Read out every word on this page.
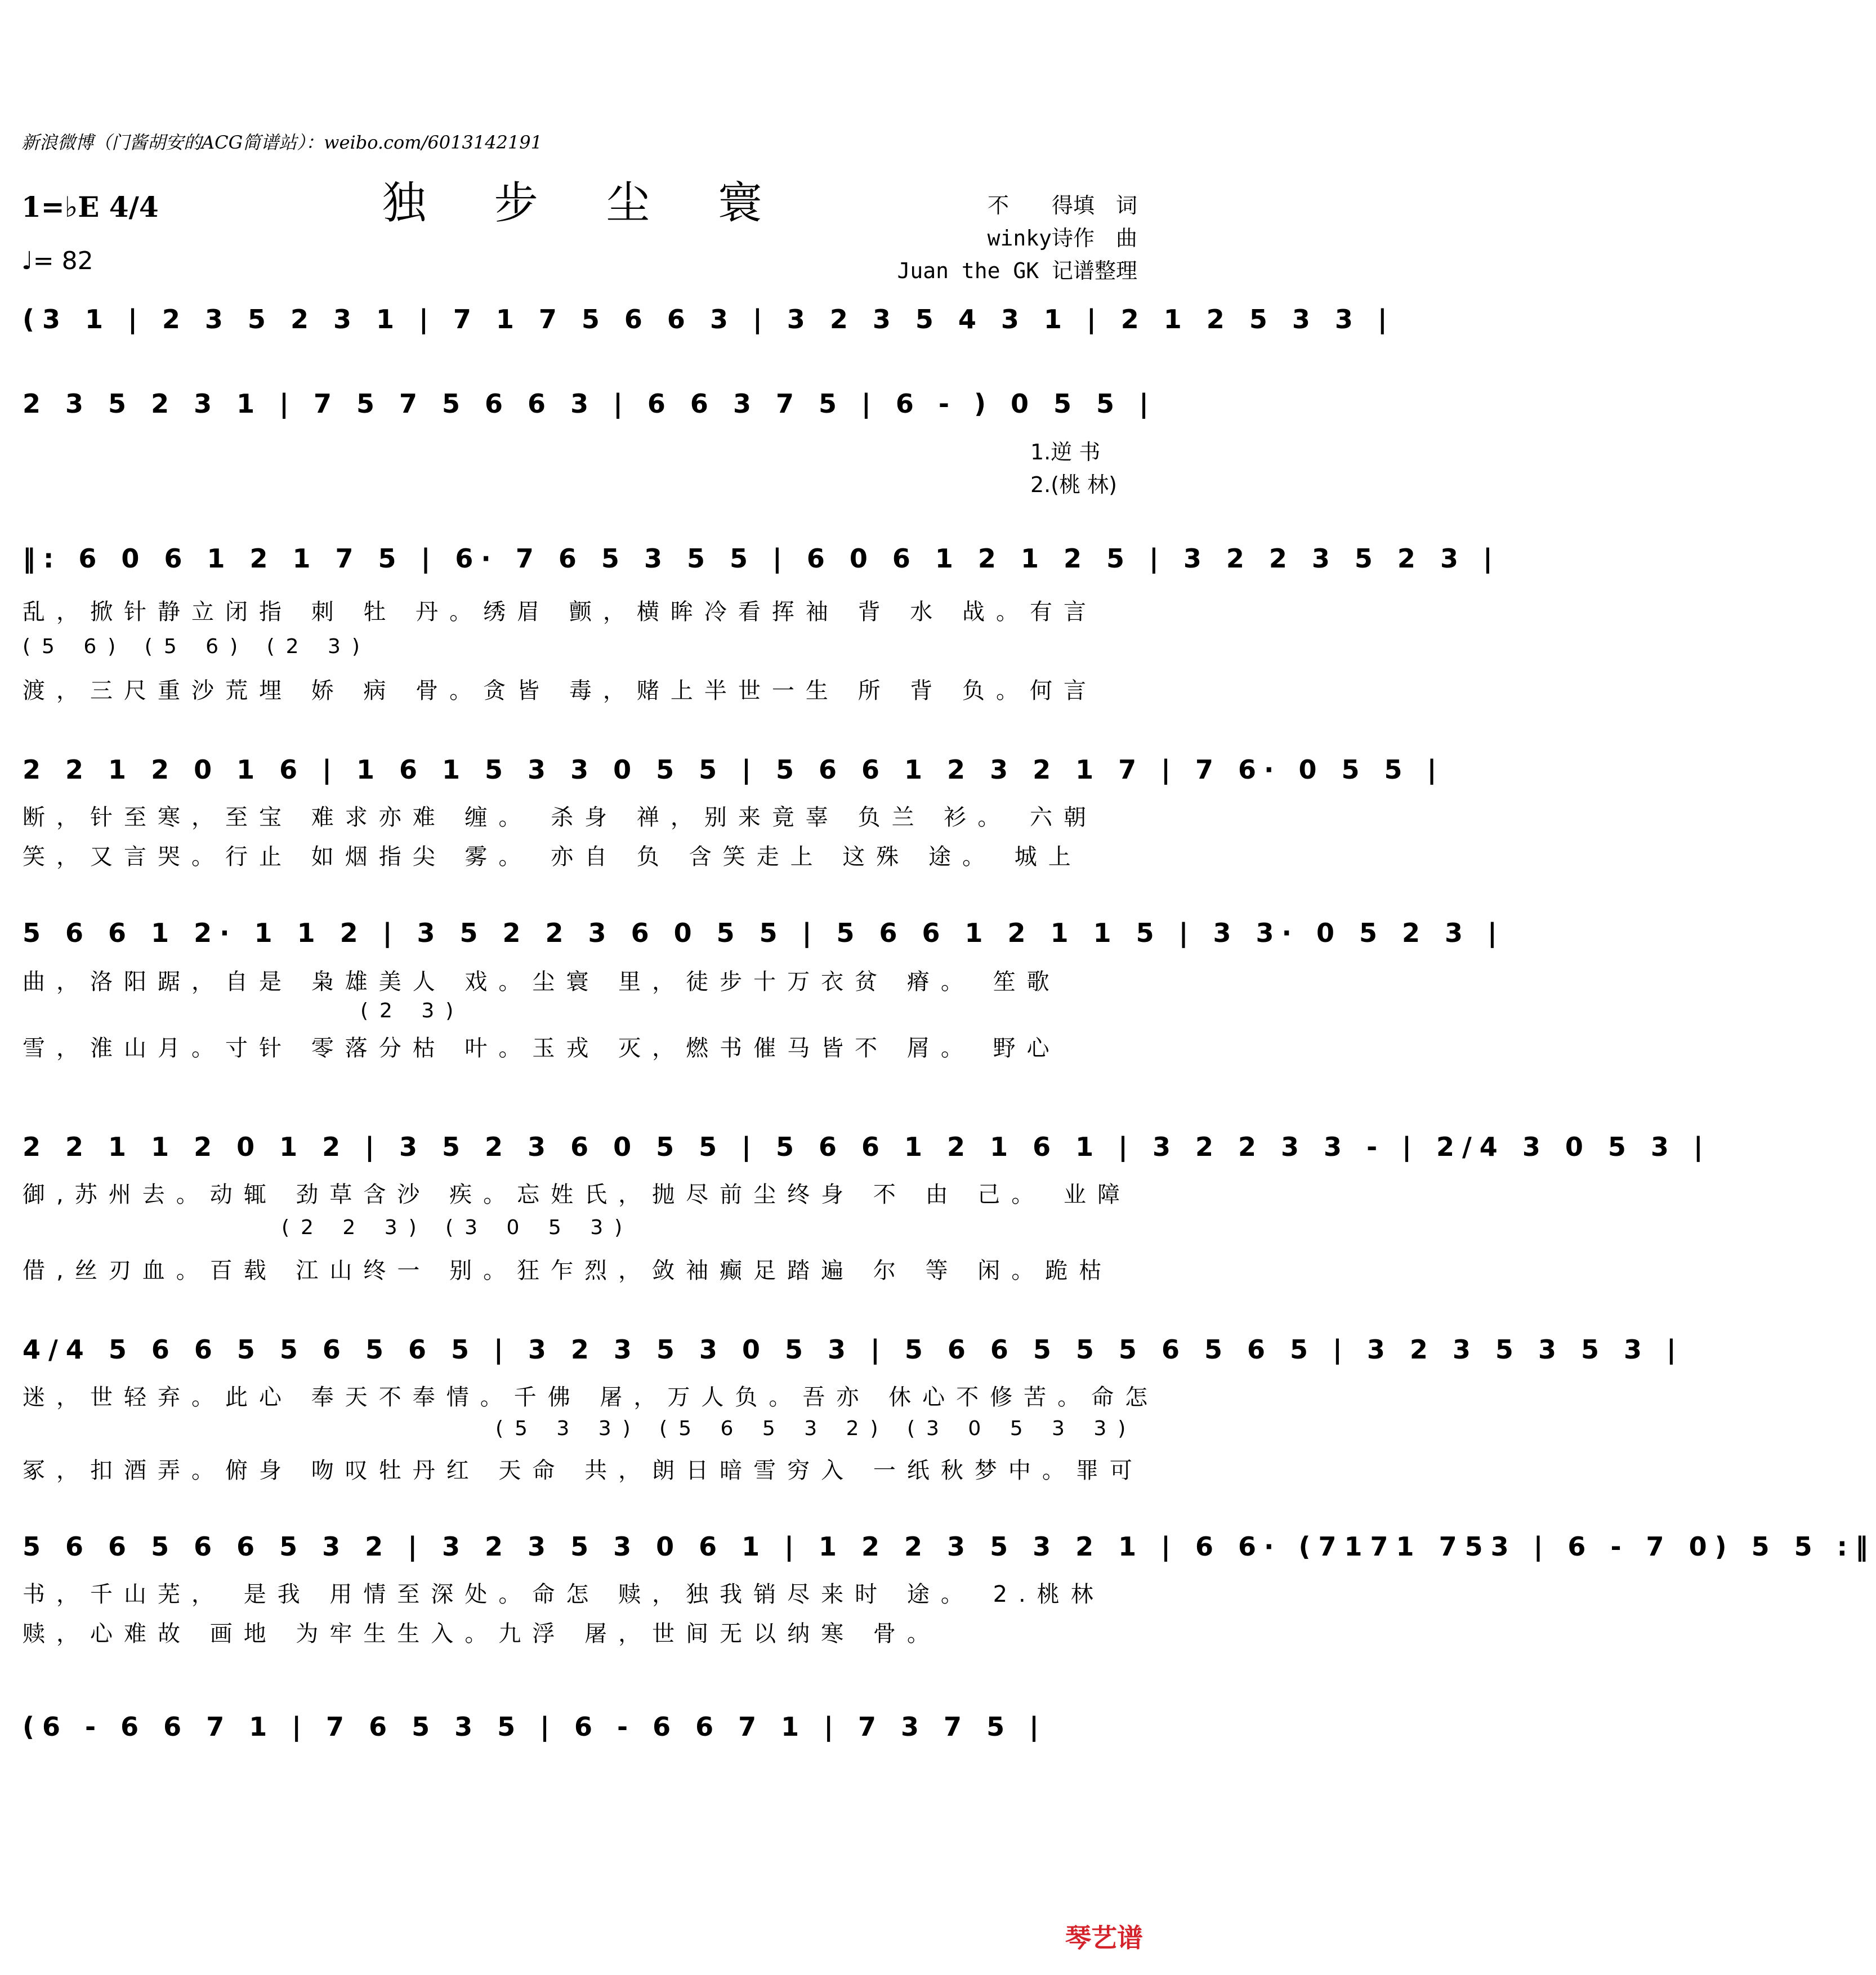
新浪微博（门酱胡安的ACG简谱站）：weibo.com/6013142191
独 步 尘 寰
1=♭E 4/4
♩= 82
不　　得填　词
winky诗作　曲
Juan the GK 记谱整理
(3 1 | 2 3 5 2 3 1 | 7 1 7 5 6 6 3 | 3 2 3 5 4 3 1 | 2 1 2 5 3 3 |
2 3 5 2 3 1 | 7 5 7 5 6 6 3 | 6 6 3 7 5 | 6 - ) 0 5 5 |
1.逆 书
2.(桃 林)
‖: 6 0 6 1 2 1 7 5 | 6· 7 6 5 3 5 5 | 6 0 6 1 2 1 2 5 | 3 2 2 3 5 2 3 |
乱，掀针静立闭指 刺 牡 丹。绣眉 颤，横眸冷看挥袖 背 水 战。有言
(5 6) (5 6) (2 3)
渡，三尺重沙荒埋 娇 病 骨。贪皆 毒，赌上半世一生 所 背 负。何言
2 2 1 2 0 1 6 | 1 6 1 5 3 3 0 5 5 | 5 6 6 1 2 3 2 1 7 | 7 6· 0 5 5 |
断，针至寒，至宝 难求亦难 缠。 杀身 禅，别来竟辜 负兰 衫。 六朝
笑，又言哭。行止 如烟指尖 雾。 亦自 负 含笑走上 这殊 途。 城上
5 6 6 1 2· 1 1 2 | 3 5 2 2 3 6 0 5 5 | 5 6 6 1 2 1 1 5 | 3 3· 0 5 2 3 |
曲，洛阳踞，自是 枭雄美人 戏。尘寰 里，徒步十万衣贫 瘠。 笙歌
(2 3)
雪，淮山月。寸针 零落分枯 叶。玉戎 灭，燃书催马皆不 屑。 野心
2 2 1 1 2 0 1 2 | 3 5 2 3 6 0 5 5 | 5 6 6 1 2 1 6 1 | 3 2 2 3 3 - | 2/4 3 0 5 3 |
御,苏州去。动辄 劲草含沙 疾。忘姓氏，抛尽前尘终身 不 由 己。 业障
(2 2 3) (3 0 5 3)
借,丝刃血。百载 江山终一 别。狂乍烈，敛袖癫足踏遍 尔 等 闲。跪枯
4/4 5 6 6 5 5 6 5 6 5 | 3 2 3 5 3 0 5 3 | 5 6 6 5 5 5 6 5 6 5 | 3 2 3 5 3 5 3 |
迷，世轻弃。此心 奉天不奉情。千佛 屠，万人负。吾亦 休心不修苦。命怎
(5 3 3) (5 6 5 3 2) (3 0 5 3 3)
冢，扣酒弄。俯身 吻叹牡丹红 天命 共，朗日暗雪穷入 一纸秋梦中。罪可
5 6 6 5 6 6 5 3 2 | 3 2 3 5 3 0 6 1 | 1 2 2 3 5 3 2 1 | 6 6· (7171 753 | 6 - 7 0) 5 5 :‖
书，千山芜， 是我 用情至深处。命怎 赎，独我销尽来时 途。 2.桃林
赎，心难故 画地 为牢生生入。九浮 屠，世间无以纳寒 骨。
(6 - 6 6 7 1 | 7 6 5 3 5 | 6 - 6 6 7 1 | 7 3 7 5 |
琴艺谱
